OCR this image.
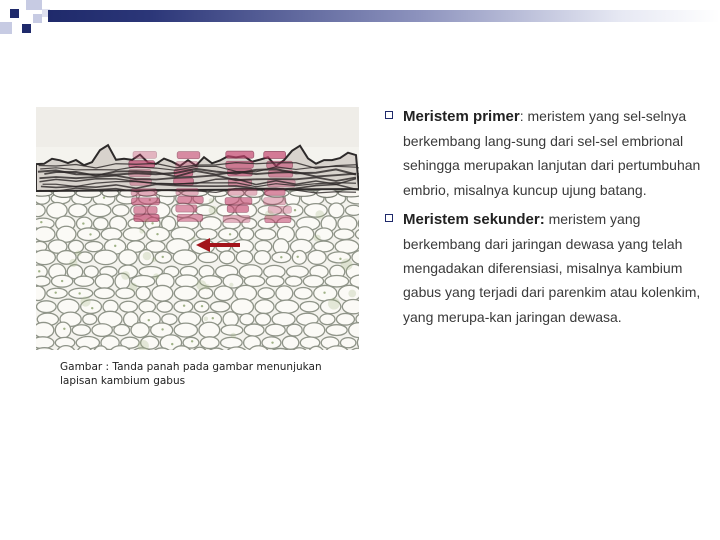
Gambar : Tanda panah pada gambar menunjukan lapisan kambium gabus
Meristem primer: meristem yang sel-selnya berkembang lang-sung dari sel-sel embrional sehingga merupakan lanjutan dari pertumbuhan embrio, misalnya kuncup ujung batang.
Meristem sekunder: meristem yang berkembang dari jaringan dewasa yang telah mengadakan diferensiasi, misalnya kambium gabus yang terjadi dari parenkim atau kolenkim, yang merupa-kan jaringan dewasa.
